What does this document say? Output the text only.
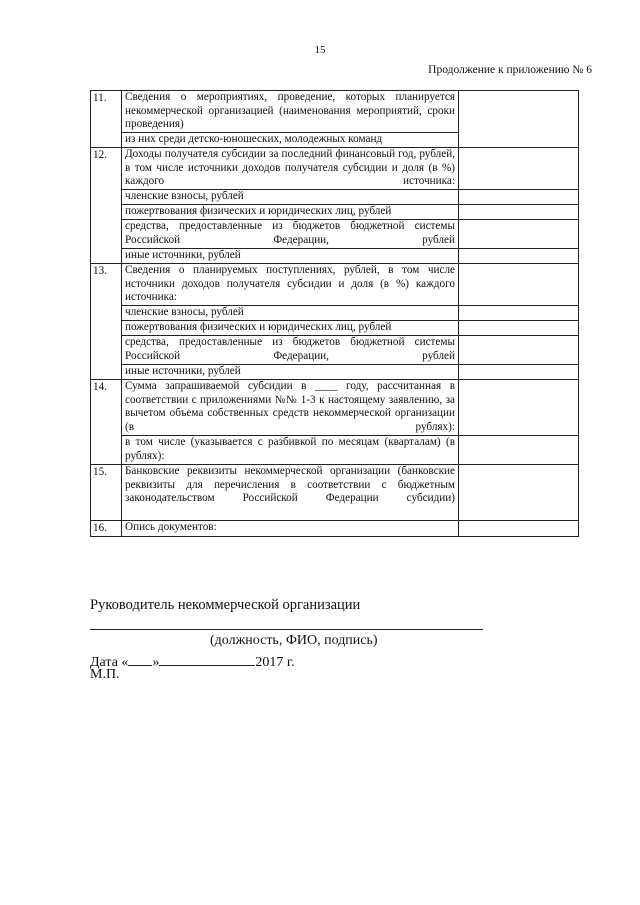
15
Продолжение к приложению № 6
11.	Сведения о мероприятиях, проведение, которых планируется некоммерческой организацией (наименования мероприятий, сроки проведения)	
	из них среди детско-юношеских, молодежных команд	
12.	Доходы получателя субсидии за последний финансовый год, рублей, в том числе источники доходов получателя субсидии и доля (в %) каждого источника:	
	членские взносы, рублей	
	пожертвования физических и юридических лиц, рублей	
	средства, предоставленные из бюджетов бюджетной системы Российской Федерации, рублей	
	иные источники, рублей	
13.	Сведения о планируемых поступлениях, рублей, в том числе источники доходов получателя субсидии и доля (в %) каждого источника:	
	членские взносы, рублей	
	пожертвования физических и юридических лиц, рублей	
	средства, предоставленные из бюджетов бюджетной системы Российской Федерации, рублей	
	иные источники, рублей	
14.	Сумма запрашиваемой субсидии в ____ году, рассчитанная в соответствии с приложениями №№ 1-3 к настоящему заявлению, за вычетом объема собственных средств некоммерческой организации (в рублях):	
	в том числе (указывается с разбивкой по месяцам (кварталам) (в рублях):	
15.	Банковские реквизиты некоммерческой организации (банковские реквизиты для перечисления в соответствии с бюджетным законодательством Российской Федерации субсидии)	
16.	Опись документов:	
Руководитель некоммерческой организации
(должность, ФИО, подпись)
Дата « »	2017 г.
М.П.
